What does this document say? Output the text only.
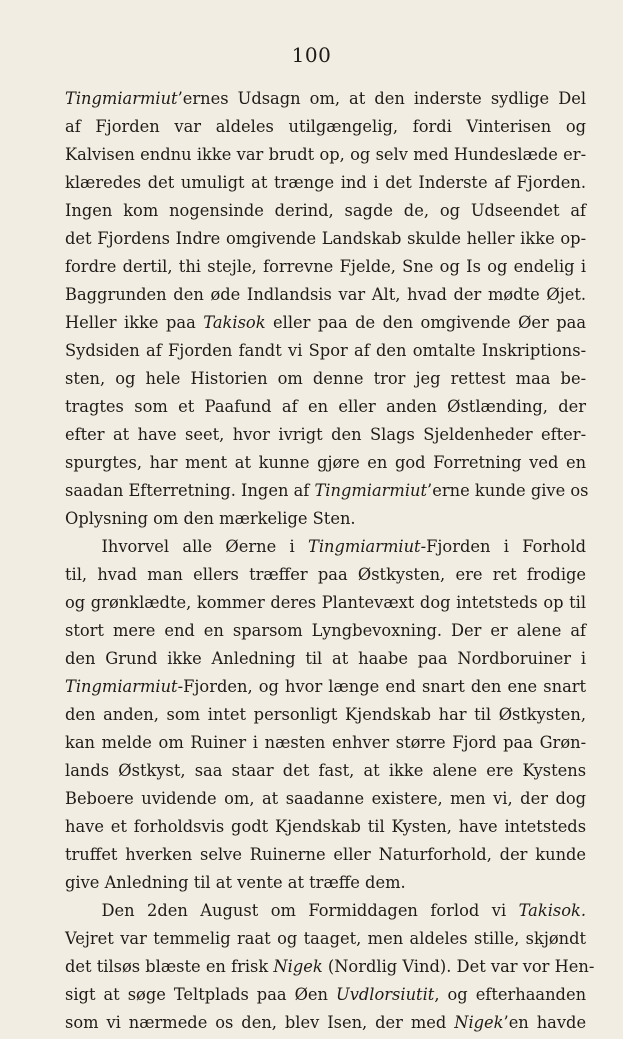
100
Tingmiarmiut’ernes Udsagn om, at den inderste sydlige Del
af Fjorden var aldeles utilgængelig, fordi Vinterisen og
Kalvisen endnu ikke var brudt op, og selv med Hundeslæde er-
klæredes det umuligt at trænge ind i det Inderste af Fjorden.
Ingen kom nogensinde derind, sagde de, og Udseendet af
det Fjordens Indre omgivende Landskab skulde heller ikke op-
fordre dertil, thi stejle, forrevne Fjelde, Sne og Is og endelig i
Baggrunden den øde Indlandsis var Alt, hvad der mødte Øjet.
Heller ikke paa Takisok eller paa de den omgivende Øer paa
Sydsiden af Fjorden fandt vi Spor af den omtalte Inskriptions-
sten, og hele Historien om denne tror jeg rettest maa be-
tragtes som et Paafund af en eller anden Østlænding, der
efter at have seet, hvor ivrigt den Slags Sjeldenheder efter-
spurgtes, har ment at kunne gjøre en god Forretning ved en
saadan Efterretning. Ingen af Tingmiarmiut’erne kunde give os
Oplysning om den mærkelige Sten.
Ihvorvel alle Øerne i Tingmiarmiut-Fjorden i Forhold
til, hvad man ellers træffer paa Østkysten, ere ret frodige
og grønklædte, kommer deres Plantevæxt dog intetsteds op til
stort mere end en sparsom Lyngbevoxning. Der er alene af
den Grund ikke Anledning til at haabe paa Nordboruiner i
Tingmiarmiut-Fjorden, og hvor længe end snart den ene snart
den anden, som intet personligt Kjendskab har til Østkysten,
kan melde om Ruiner i næsten enhver større Fjord paa Grøn-
lands Østkyst, saa staar det fast, at ikke alene ere Kystens
Beboere uvidende om, at saadanne existere, men vi, der dog
have et forholdsvis godt Kjendskab til Kysten, have intetsteds
truffet hverken selve Ruinerne eller Naturforhold, der kunde
give Anledning til at vente at træffe dem.
Den 2den August om Formiddagen forlod vi Takisok.
Vejret var temmelig raat og taaget, men aldeles stille, skjøndt
det tilsøs blæste en frisk Nigek (Nordlig Vind). Det var vor Hen-
sigt at søge Teltplads paa Øen Uvdlorsiutit, og efterhaanden
som vi nærmede os den, blev Isen, der med Nigek’en havde
